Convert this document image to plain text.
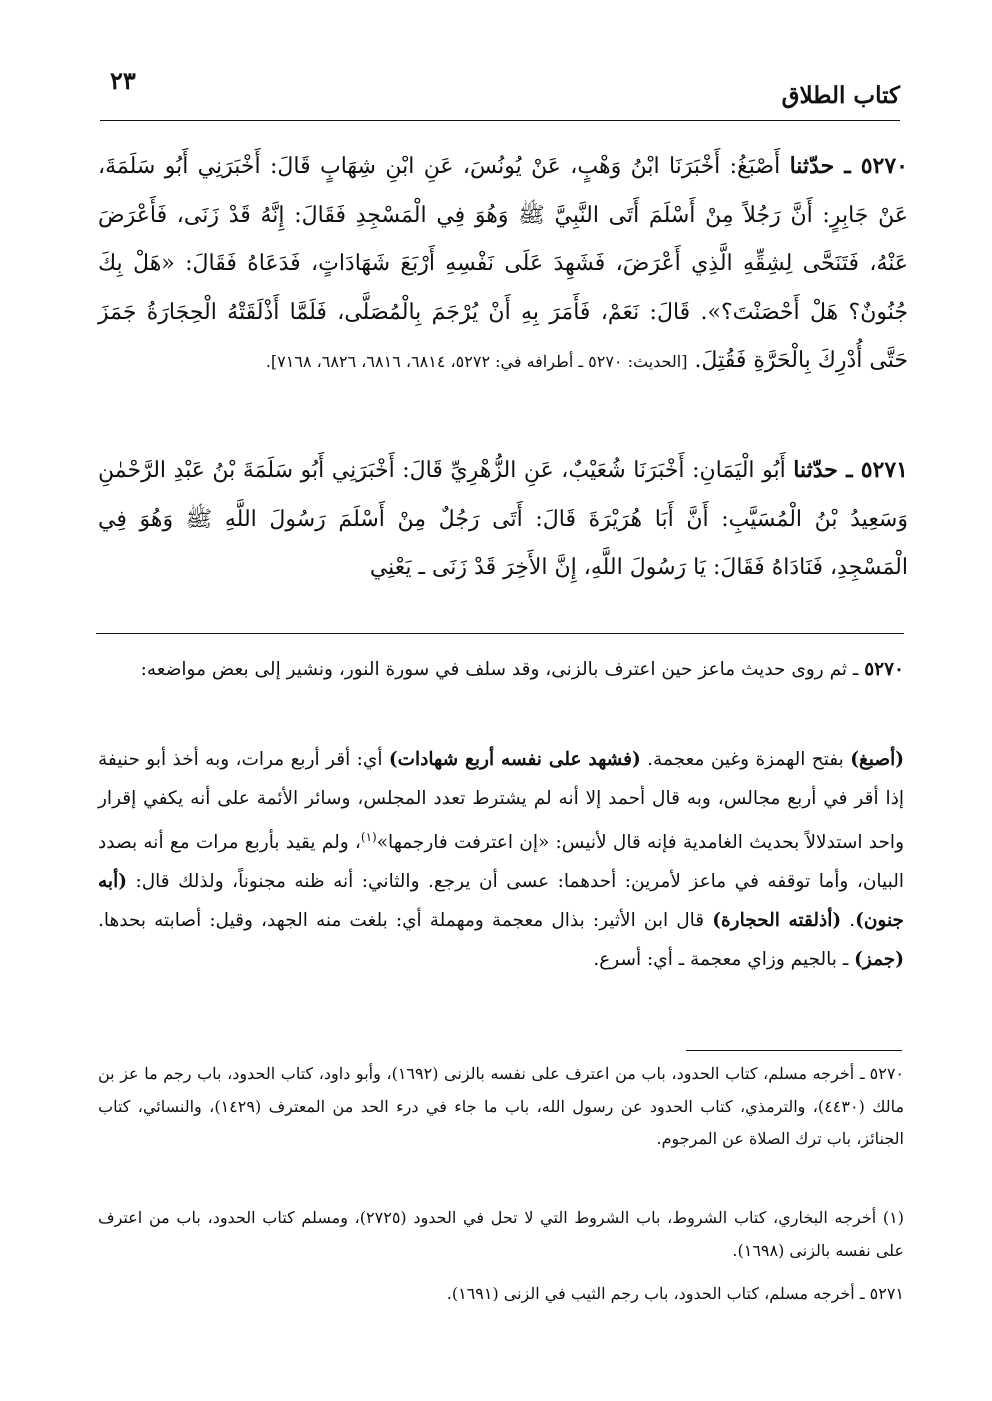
كتاب الطلاق
٢٣
٥٢٧٠ ـ حدّثنا أَصْبَغُ: أَخْبَرَنَا ابْنُ وَهْبٍ، عَنْ يُونُسَ، عَنِ ابْنِ شِهَابٍ قَالَ: أَخْبَرَنِي أَبُو سَلَمَةَ، عَنْ جَابِرٍ: أَنَّ رَجُلاً مِنْ أَسْلَمَ أَتَى النَّبِيَّ ﷺ وَهُوَ فِي الْمَسْجِدِ فَقَالَ: إِنَّهُ قَدْ زَنَى، فَأَعْرَضَ عَنْهُ، فَتَنَحَّى لِشِقِّهِ الَّذِي أَعْرَضَ، فَشَهِدَ عَلَى نَفْسِهِ أَرْبَعَ شَهَادَاتٍ، فَدَعَاهُ فَقَالَ: «هَلْ بِكَ جُنُونٌ؟ هَلْ أَحْصَنْتَ؟». قَالَ: نَعَمْ، فَأَمَرَ بِهِ أَنْ يُرْجَمَ بِالْمُصَلَّى، فَلَمَّا أَذْلَقَتْهُ الْحِجَارَةُ جَمَزَ حَتَّى أُدْرِكَ بِالْحَرَّةِ فَقُتِلَ. [الحديث: ٥٢٧٠ ـ أطرافه في: ٥٢٧٢، ٦٨١٤، ٦٨١٦، ٦٨٢٦، ٧١٦٨].
٥٢٧١ ـ حدّثنا أَبُو الْيَمَانِ: أَخْبَرَنَا شُعَيْبٌ، عَنِ الزُّهْرِيِّ قَالَ: أَخْبَرَنِي أَبُو سَلَمَةَ بْنُ عَبْدِ الرَّحْمٰنِ وَسَعِيدُ بْنُ الْمُسَيَّبِ: أَنَّ أَبَا هُرَيْرَةَ قَالَ: أَتَى رَجُلٌ مِنْ أَسْلَمَ رَسُولَ اللَّهِ ﷺ وَهُوَ فِي الْمَسْجِدِ، فَنَادَاهُ فَقَالَ: يَا رَسُولَ اللَّهِ، إِنَّ الأَخِرَ قَدْ زَنَى ـ يَعْنِي
٥٢٧٠ ـ ثم روى حديث ماعز حين اعترف بالزنى، وقد سلف في سورة النور، ونشير إلى بعض مواضعه:
(أصبغ) بفتح الهمزة وغين معجمة. (فشهد على نفسه أربع شهادات) أي: أقر أربع مرات، وبه أخذ أبو حنيفة إذا أقر في أربع مجالس، وبه قال أحمد إلا أنه لم يشترط تعدد المجلس، وسائر الأئمة على أنه يكفي إقرار واحد استدلالاً بحديث الغامدية فإنه قال لأنيس: «إن اعترفت فارجمها»$^{(١)}$، ولم يقيد بأربع مرات مع أنه بصدد البيان، وأما توقفه في ماعز لأمرين: أحدهما: عسى أن يرجع. والثاني: أنه ظنه مجنوناً، ولذلك قال: (أبه جنون). (أذلقته الحجارة) قال ابن الأثير: بذال معجمة ومهملة أي: بلغت منه الجهد، وقيل: أصابته بحدها. (جمز) ـ بالجيم وزاي معجمة ـ أي: أسرع.
٥٢٧٠ ـ أخرجه مسلم، كتاب الحدود، باب من اعترف على نفسه بالزنى (١٦٩٢)، وأبو داود، كتاب الحدود، باب رجم ما عز بن مالك (٤٤٣٠)، والترمذي، كتاب الحدود عن رسول الله، باب ما جاء في درء الحد من المعترف (١٤٢٩)، والنسائي، كتاب الجنائز، باب ترك الصلاة عن المرجوم.
(١) أخرجه البخاري، كتاب الشروط، باب الشروط التي لا تحل في الحدود (٢٧٢٥)، ومسلم كتاب الحدود، باب من اعترف على نفسه بالزنى (١٦٩٨).
٥٢٧١ ـ أخرجه مسلم، كتاب الحدود، باب رجم الثيب في الزنى (١٦٩١).
